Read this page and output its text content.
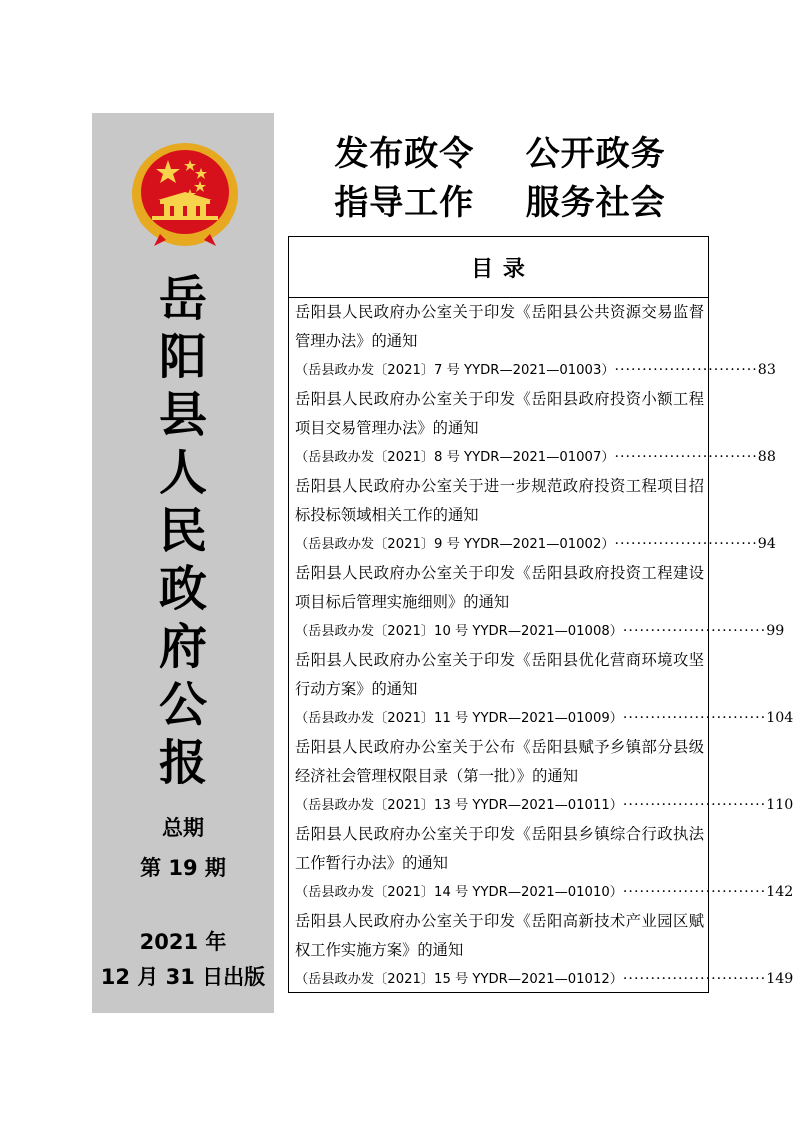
岳
阳
县
人
民
政
府
公
报
总期
第 19 期
2021 年
12 月 31 日出版
发布政令    公开政务
指导工作    服务社会
目 录

岳阳县人民政府办公室关于印发《岳阳县公共资源交易监督管理办法》的通知

（岳县政办发〔2021〕7 号 YYDR—2021—01003） ·························· 83

岳阳县人民政府办公室关于印发《岳阳县政府投资小额工程项目交易管理办法》的通知

（岳县政办发〔2021〕8 号 YYDR—2021—01007） ·························· 88

岳阳县人民政府办公室关于进一步规范政府投资工程项目招标投标领域相关工作的通知

（岳县政办发〔2021〕9 号 YYDR—2021—01002） ·························· 94

岳阳县人民政府办公室关于印发《岳阳县政府投资工程建设项目标后管理实施细则》的通知

（岳县政办发〔2021〕10 号 YYDR—2021—01008） ·························· 99

岳阳县人民政府办公室关于印发《岳阳县优化营商环境攻坚行动方案》的通知

（岳县政办发〔2021〕11 号 YYDR—2021—01009） ·························· 104

岳阳县人民政府办公室关于公布《岳阳县赋予乡镇部分县级经济社会管理权限目录（第一批）》的通知

（岳县政办发〔2021〕13 号 YYDR—2021—01011） ·························· 110

岳阳县人民政府办公室关于印发《岳阳县乡镇综合行政执法工作暂行办法》的通知

（岳县政办发〔2021〕14 号 YYDR—2021—01010） ·························· 142

岳阳县人民政府办公室关于印发《岳阳高新技术产业园区赋权工作实施方案》的通知

（岳县政办发〔2021〕15 号 YYDR—2021—01012） ·························· 149
